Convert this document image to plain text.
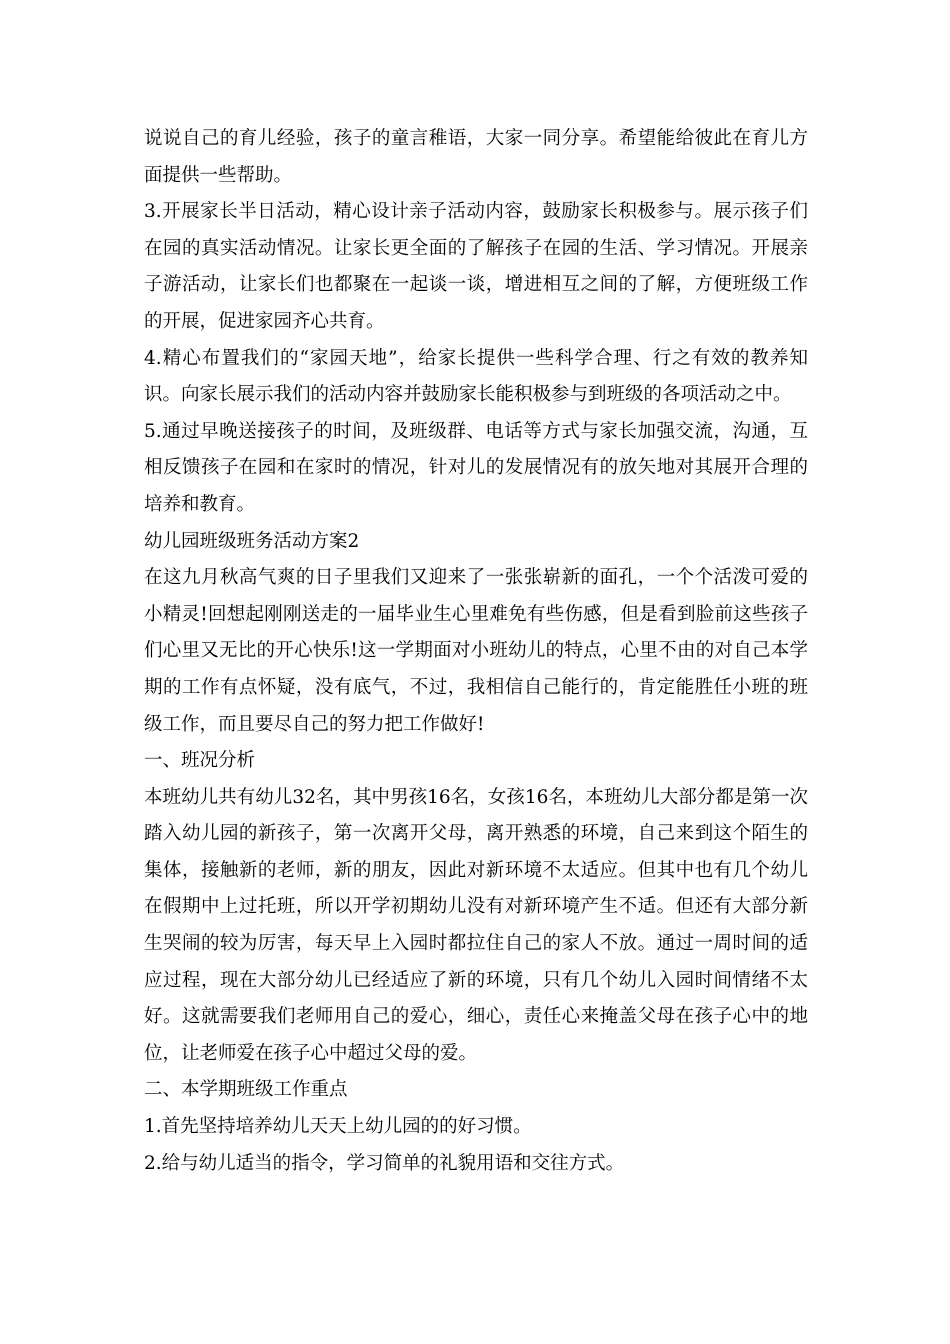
说说自己的育儿经验，孩子的童言稚语，大家一同分享。希望能给彼此在育儿方面提供一些帮助。

3.开展家长半日活动，精心设计亲子活动内容，鼓励家长积极参与。展示孩子们在园的真实活动情况。让家长更全面的了解孩子在园的生活、学习情况。开展亲子游活动，让家长们也都聚在一起谈一谈，增进相互之间的了解，方便班级工作的开展，促进家园齐心共育。

4.精心布置我们的“家园天地”，给家长提供一些科学合理、行之有效的教养知识。向家长展示我们的活动内容并鼓励家长能积极参与到班级的各项活动之中。

5.通过早晚送接孩子的时间，及班级群、电话等方式与家长加强交流，沟通，互相反馈孩子在园和在家时的情况，针对儿的发展情况有的放矢地对其展开合理的培养和教育。

幼儿园班级班务活动方案2

在这九月秋高气爽的日子里我们又迎来了一张张崭新的面孔，一个个活泼可爱的小精灵!回想起刚刚送走的一届毕业生心里难免有些伤感，但是看到脸前这些孩子们心里又无比的开心快乐!这一学期面对小班幼儿的特点，心里不由的对自己本学期的工作有点怀疑，没有底气，不过，我相信自己能行的，肯定能胜任小班的班级工作，而且要尽自己的努力把工作做好!

一、班况分析

本班幼儿共有幼儿32名，其中男孩16名，女孩16名，本班幼儿大部分都是第一次踏入幼儿园的新孩子，第一次离开父母，离开熟悉的环境，自己来到这个陌生的集体，接触新的老师，新的朋友，因此对新环境不太适应。但其中也有几个幼儿在假期中上过托班，所以开学初期幼儿没有对新环境产生不适。但还有大部分新生哭闹的较为厉害，每天早上入园时都拉住自己的家人不放。通过一周时间的适应过程，现在大部分幼儿已经适应了新的环境，只有几个幼儿入园时间情绪不太好。这就需要我们老师用自己的爱心，细心，责任心来掩盖父母在孩子心中的地位，让老师爱在孩子心中超过父母的爱。

二、本学期班级工作重点

1.首先坚持培养幼儿天天上幼儿园的的好习惯。

2.给与幼儿适当的指令，学习简单的礼貌用语和交往方式。
